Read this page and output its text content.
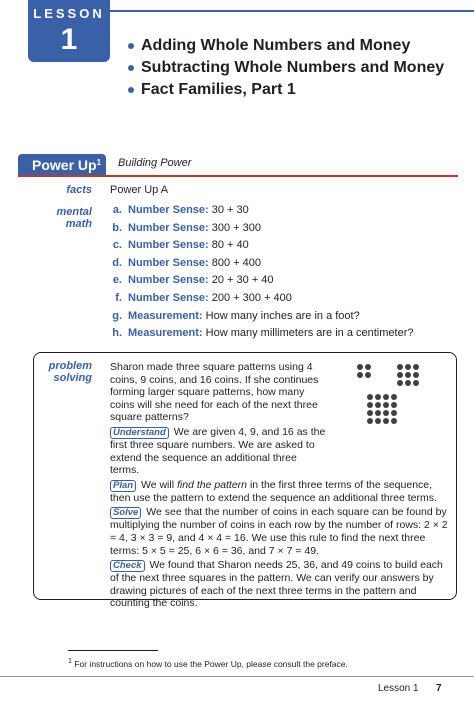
LESSON
1	Adding Whole Numbers and Money
Subtracting Whole Numbers and Money
Fact Families, Part 1
Power Up$^1$	Building Power
facts Power Up A
mental
math
a. Number Sense: 30 + 30
b. Number Sense: 300 + 300
c. Number Sense: 80 + 40
d. Number Sense: 800 + 400
e. Number Sense: 20 + 30 + 40
f. Number Sense: 200 + 300 + 400
g. Measurement: How many inches are in a foot?
h. Measurement: How many millimeters are in a centimeter?
problem
solving
Sharon made three square patterns using 4 coins, 9 coins, and 16 coins. If she continues forming larger square patterns, how many coins will she need for each of the next three square patterns?
Understand We are given 4, 9, and 16 as the first three square numbers. We are asked to extend the sequence an additional three terms.
Plan We will find the pattern in the first three terms of the sequence, then use the pattern to extend the sequence an additional three terms.
Solve We see that the number of coins in each square can be found by multiplying the number of coins in each row by the number of rows: 2 × 2 = 4, 3 × 3 = 9, and 4 × 4 = 16. We use this rule to find the next three terms: 5 × 5 = 25, 6 × 6 = 36, and 7 × 7 = 49.
Check We found that Sharon needs 25, 36, and 49 coins to build each of the next three squares in the pattern. We can verify our answers by drawing pictures of each of the next three terms in the pattern and counting the coins.
$^1$ For instructions on how to use the Power Up, please consult the preface.
Lesson 1 7
